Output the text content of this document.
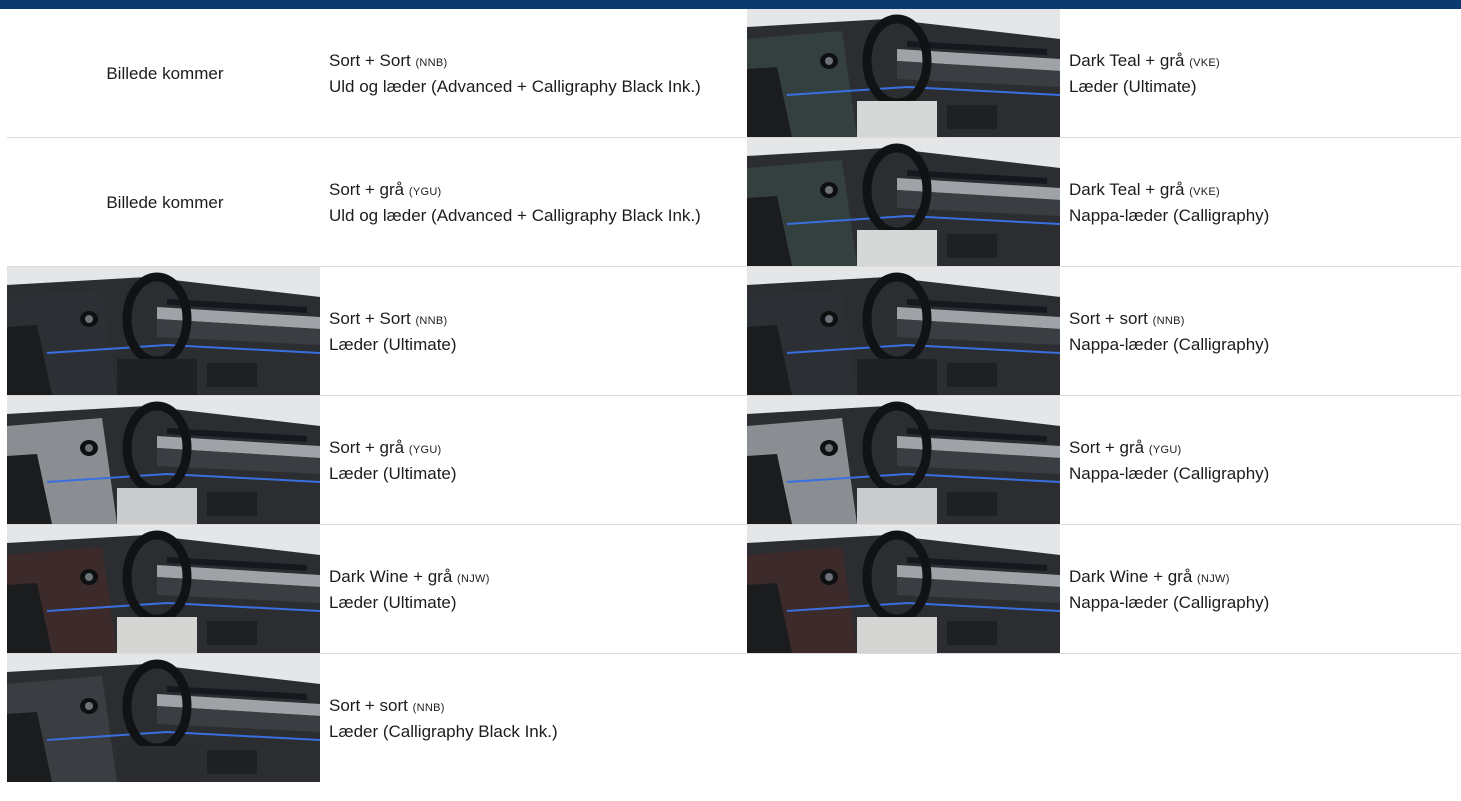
Billede kommer
Sort + Sort (NNB)
Uld og læder (Advanced + Calligraphy Black Ink.)
Dark Teal + grå (VKE)
Læder (Ultimate)
Billede kommer
Sort + grå (YGU)
Uld og læder (Advanced + Calligraphy Black Ink.)
Dark Teal + grå (VKE)
Nappa-læder (Calligraphy)
Sort + Sort (NNB)
Læder (Ultimate)
Sort + sort (NNB)
Nappa-læder (Calligraphy)
Sort + grå (YGU)
Læder (Ultimate)
Sort + grå (YGU)
Nappa-læder (Calligraphy)
Dark Wine + grå (NJW)
Læder (Ultimate)
Dark Wine + grå (NJW)
Nappa-læder (Calligraphy)
Sort + sort (NNB)
Læder (Calligraphy Black Ink.)
